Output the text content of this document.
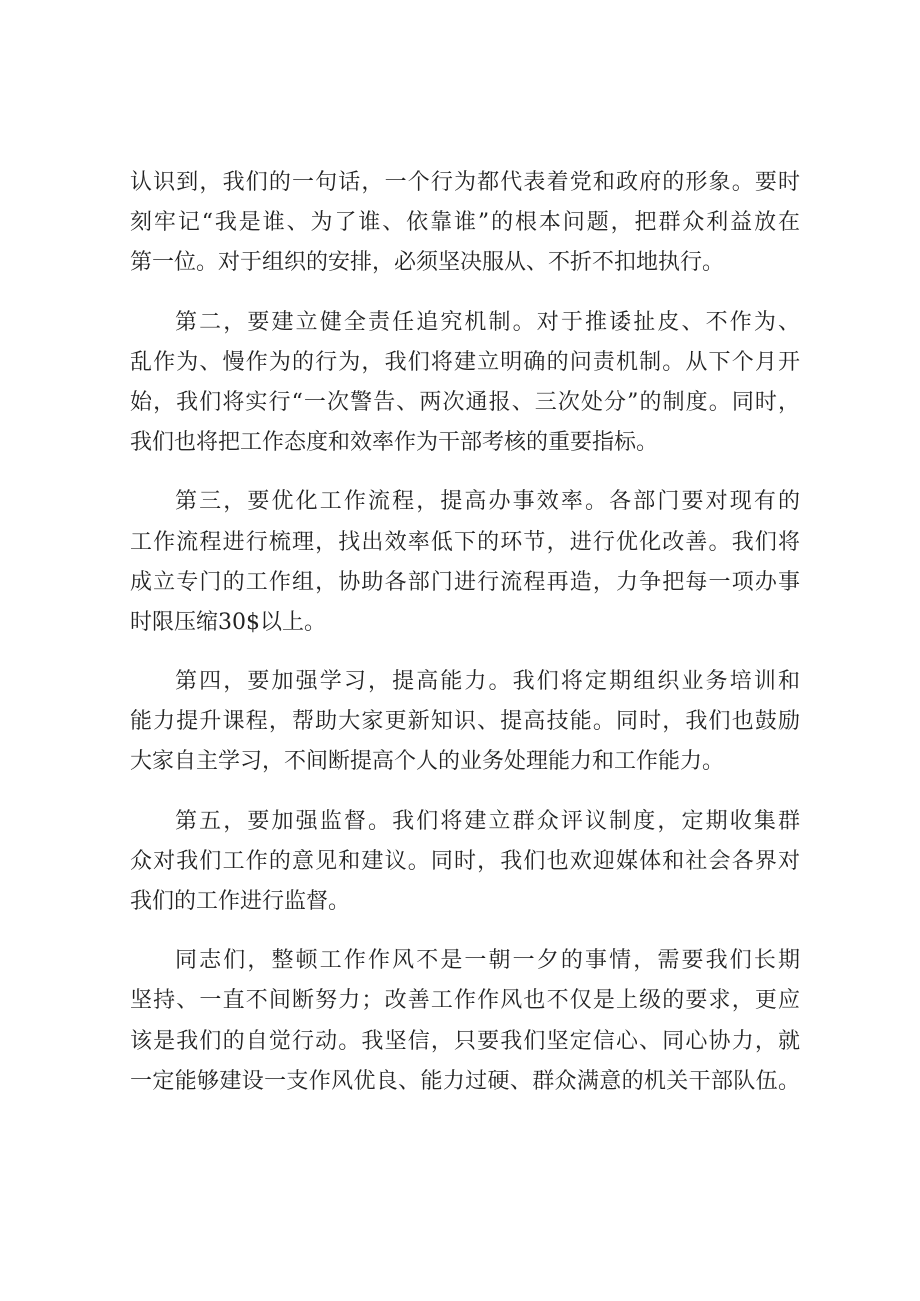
认识到，我们的一句话，一个行为都代表着党和政府的形象。要时
刻牢记“我是谁、为了谁、依靠谁”的根本问题，把群众利益放在
第一位。对于组织的安排，必须坚决服从、不折不扣地执行。
第二，要建立健全责任追究机制。对于推诿扯皮、不作为、
乱作为、慢作为的行为，我们将建立明确的问责机制。从下个月开
始，我们将实行“一次警告、两次通报、三次处分”的制度。同时，
我们也将把工作态度和效率作为干部考核的重要指标。
第三，要优化工作流程，提高办事效率。各部门要对现有的
工作流程进行梳理，找出效率低下的环节，进行优化改善。我们将
成立专门的工作组，协助各部门进行流程再造，力争把每一项办事
时限压缩30$以上。
第四，要加强学习，提高能力。我们将定期组织业务培训和
能力提升课程，帮助大家更新知识、提高技能。同时，我们也鼓励
大家自主学习，不间断提高个人的业务处理能力和工作能力。
第五，要加强监督。我们将建立群众评议制度，定期收集群
众对我们工作的意见和建议。同时，我们也欢迎媒体和社会各界对
我们的工作进行监督。
同志们，整顿工作作风不是一朝一夕的事情，需要我们长期
坚持、一直不间断努力；改善工作作风也不仅是上级的要求，更应
该是我们的自觉行动。我坚信，只要我们坚定信心、同心协力，就
一定能够建设一支作风优良、能力过硬、群众满意的机关干部队伍。
